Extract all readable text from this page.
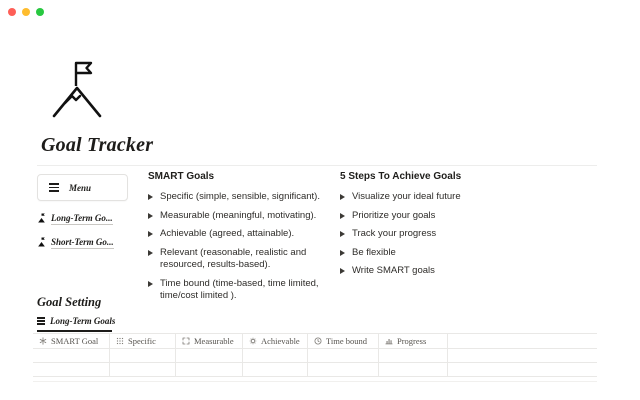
Goal Tracker
Menu
Long-Term Go...
Short-Term Go...
SMART Goals
Specific (simple, sensible, significant).
Measurable (meaningful, motivating).
Achievable (agreed, attainable).
Relevant (reasonable, realistic and resourced, results-based).
Time bound (time-based, time limited, time/cost limited ).
5 Steps To Achieve Goals
Visualize your ideal future
Prioritize your goals
Track your progress
Be flexible
Write SMART goals
Goal Setting
Long-Term Goals
SMART Goal	Specific	Measurable	Achievable	Time bound	Progress
